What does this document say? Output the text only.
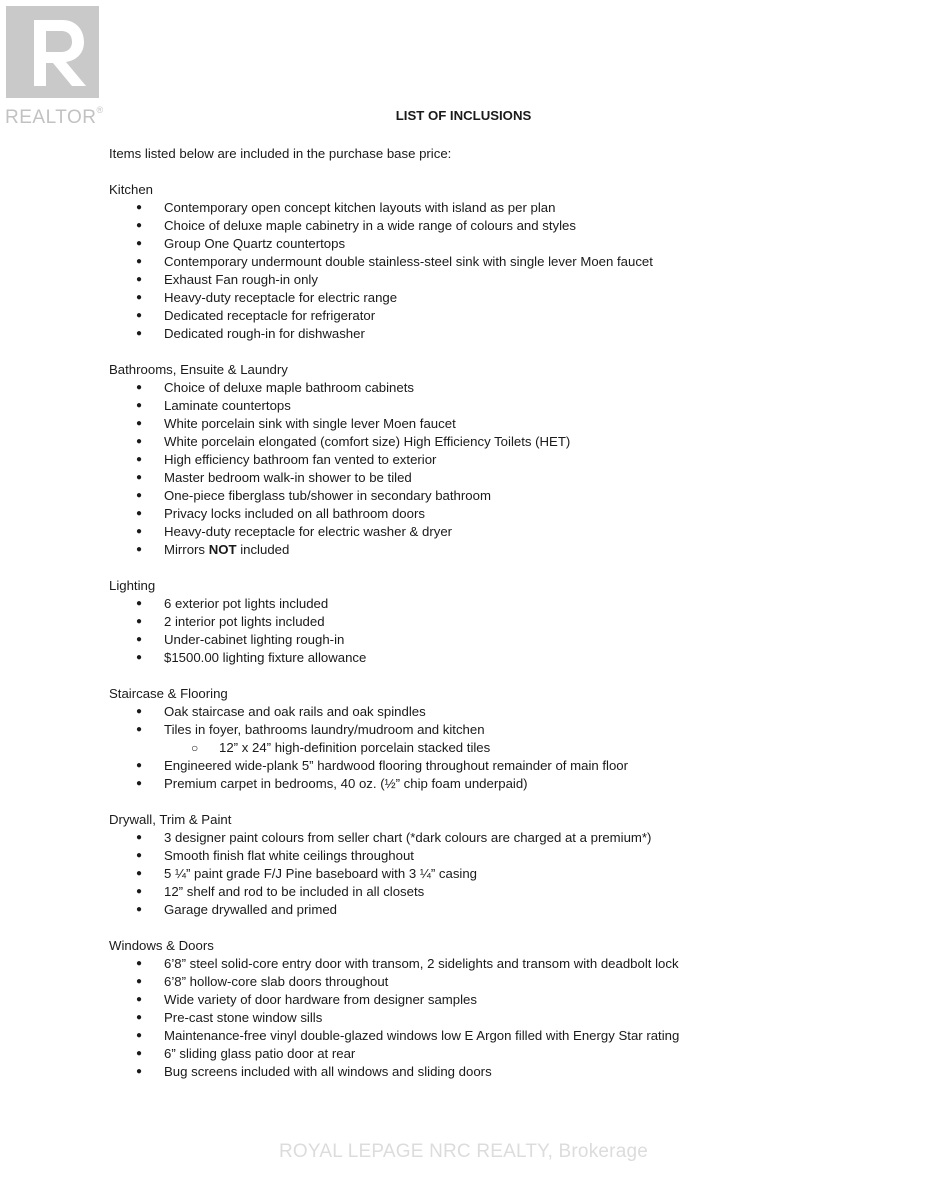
REALTOR®	LIST OF INCLUSIONS
Items listed below are included in the purchase base price:
Kitchen
● Contemporary open concept kitchen layouts with island as per plan
● Choice of deluxe maple cabinetry in a wide range of colours and styles
● Group One Quartz countertops
● Contemporary undermount double stainless-steel sink with single lever Moen faucet
● Exhaust Fan rough-in only
● Heavy-duty receptacle for electric range
● Dedicated receptacle for refrigerator
● Dedicated rough-in for dishwasher
Bathrooms, Ensuite & Laundry
● Choice of deluxe maple bathroom cabinets
● Laminate countertops
● White porcelain sink with single lever Moen faucet
● White porcelain elongated (comfort size) High Efficiency Toilets (HET)
● High efficiency bathroom fan vented to exterior
● Master bedroom walk-in shower to be tiled
● One-piece fiberglass tub/shower in secondary bathroom
● Privacy locks included on all bathroom doors
● Heavy-duty receptacle for electric washer & dryer
● Mirrors NOT included
Lighting
● 6 exterior pot lights included
● 2 interior pot lights included
● Under-cabinet lighting rough-in
● $1500.00 lighting fixture allowance
Staircase & Flooring
● Oak staircase and oak rails and oak spindles
● Tiles in foyer, bathrooms laundry/mudroom and kitchen
○ 12” x 24” high-definition porcelain stacked tiles
● Engineered wide-plank 5” hardwood flooring throughout remainder of main floor
● Premium carpet in bedrooms, 40 oz. (½” chip foam underpaid)
Drywall, Trim & Paint
● 3 designer paint colours from seller chart (*dark colours are charged at a premium*)
● Smooth finish flat white ceilings throughout
● 5 ¼” paint grade F/J Pine baseboard with 3 ¼” casing
● 12” shelf and rod to be included in all closets
● Garage drywalled and primed
Windows & Doors
● 6’8” steel solid-core entry door with transom, 2 sidelights and transom with deadbolt lock
● 6’8” hollow-core slab doors throughout
● Wide variety of door hardware from designer samples
● Pre-cast stone window sills
● Maintenance-free vinyl double-glazed windows low E Argon filled with Energy Star rating
● 6” sliding glass patio door at rear
● Bug screens included with all windows and sliding doors
ROYAL LEPAGE NRC REALTY, Brokerage
